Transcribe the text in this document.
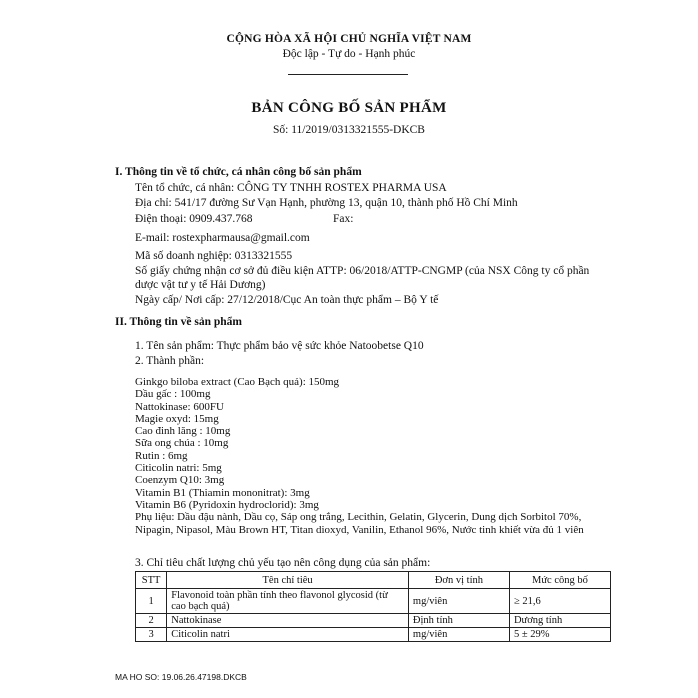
CỘNG HÒA XÃ HỘI CHỦ NGHĨA VIỆT NAM
Độc lập - Tự do - Hạnh phúc
BẢN CÔNG BỐ SẢN PHẨM
Số: 11/2019/0313321555-DKCB
I. Thông tin về tổ chức, cá nhân công bố sản phẩm
Tên tổ chức, cá nhân: CÔNG TY TNHH ROSTEX PHARMA USA
Địa chỉ: 541/17 đường Sư Vạn Hạnh, phường 13, quận 10, thành phố Hồ Chí Minh
Điện thoại: 0909.437.768	Fax:
E-mail: rostexpharmausa@gmail.com
Mã số doanh nghiệp: 0313321555
Số giấy chứng nhận cơ sở đủ điều kiện ATTP: 06/2018/ATTP-CNGMP (của NSX Công ty cổ phần dược vật tư y tế Hải Dương)
Ngày cấp/ Nơi cấp: 27/12/2018/Cục An toàn thực phẩm – Bộ Y tế
II. Thông tin về sản phẩm
1. Tên sản phẩm: Thực phẩm bảo vệ sức khỏe Natoobetse Q10
2. Thành phần:
Ginkgo biloba extract (Cao Bạch quả): 150mg
Dầu gấc : 100mg
Nattokinase: 600FU
Magie oxyd: 15mg
Cao đinh lăng : 10mg
Sữa ong chúa : 10mg
Rutin : 6mg
Citicolin natri: 5mg
Coenzym Q10: 3mg
Vitamin B1 (Thiamin mononitrat): 3mg
Vitamin B6 (Pyridoxin hydroclorid): 3mg
Phụ liệu: Dầu đậu nành, Dầu cọ, Sáp ong trắng, Lecithin, Gelatin, Glycerin, Dung dịch Sorbitol 70%, Nipagin, Nipasol, Màu Brown HT, Titan dioxyd, Vanilin, Ethanol 96%, Nước tinh khiết vừa đủ 1 viên
3. Chỉ tiêu chất lượng chủ yếu tạo nên công dụng của sản phẩm:
STT	Tên chỉ tiêu	Đơn vị tính	Mức công bố
1	Flavonoid toàn phần tính theo flavonol glycosid (từ cao bạch quả)	mg/viên	≥ 21,6
2	Nattokinase	Định tính	Dương tính
3	Citicolin natri	mg/viên	5 ± 29%
MA HO SO: 19.06.26.47198.DKCB
